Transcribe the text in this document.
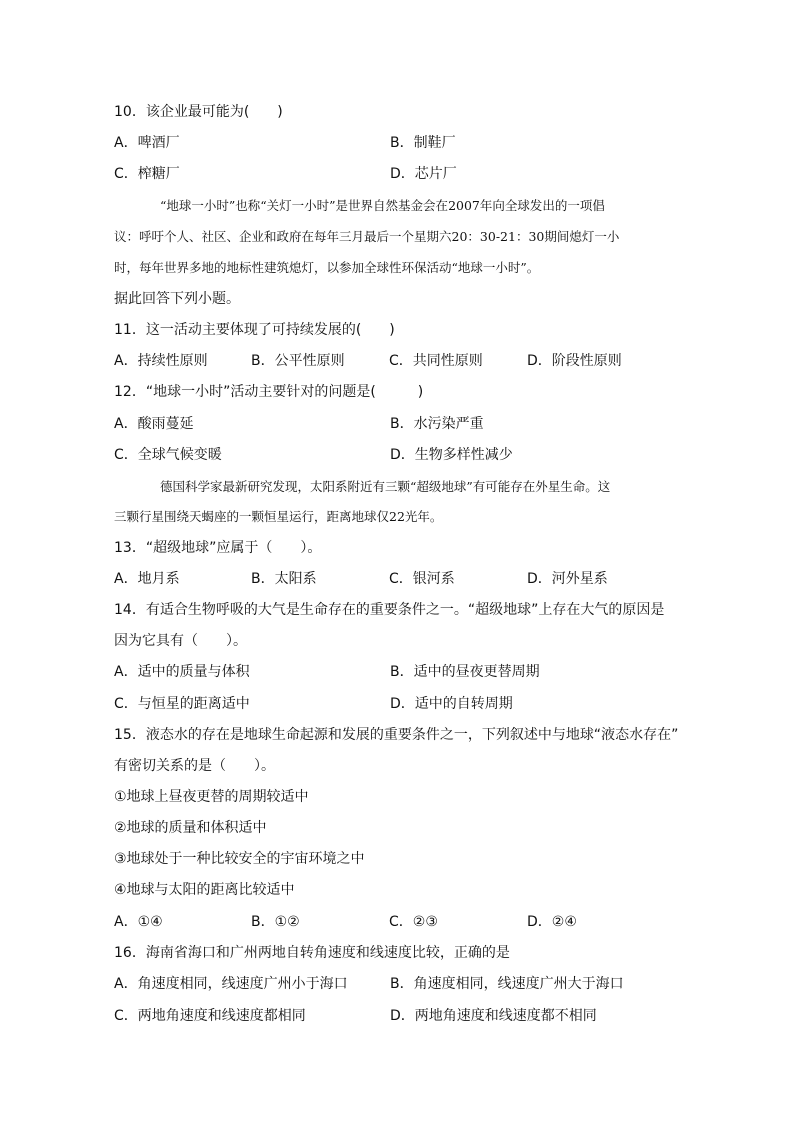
10．该企业最可能为(　　)
A．啤酒厂	B．制鞋厂
C．榨糖厂	D．芯片厂
“地球一小时”也称“关灯一小时”是世界自然基金会在2007年向全球发出的一项倡
议：呼吁个人、社区、企业和政府在每年三月最后一个星期六20：30-21：30期间熄灯一小
时，每年世界多地的地标性建筑熄灯，以参加全球性环保活动“地球一小时”。
据此回答下列小题。
11．这一活动主要体现了可持续发展的(　　)
A．持续性原则	B．公平性原则	C．共同性原则	D．阶段性原则
12．“地球一小时”活动主要针对的问题是(　　　)
A．酸雨蔓延	B．水污染严重
C．全球气候变暖	D．生物多样性减少
德国科学家最新研究发现，太阳系附近有三颗“超级地球”有可能存在外星生命。这
三颗行星围绕天蝎座的一颗恒星运行，距离地球仅22光年。
13．“超级地球”应属于（　　）。
A．地月系	B．太阳系	C．银河系	D．河外星系
14．有适合生物呼吸的大气是生命存在的重要条件之一。“超级地球”上存在大气的原因是
因为它具有（　　）。
A．适中的质量与体积	B．适中的昼夜更替周期
C．与恒星的距离适中	D．适中的自转周期
15．液态水的存在是地球生命起源和发展的重要条件之一，下列叙述中与地球“液态水存在”
有密切关系的是（　　）。
①地球上昼夜更替的周期较适中
②地球的质量和体积适中
③地球处于一种比较安全的宇宙环境之中
④地球与太阳的距离比较适中
A．①④	B．①②	C．②③	D．②④
16．海南省海口和广州两地自转角速度和线速度比较，正确的是
A．角速度相同，线速度广州小于海口	B．角速度相同，线速度广州大于海口
C．两地角速度和线速度都相同	D．两地角速度和线速度都不相同
